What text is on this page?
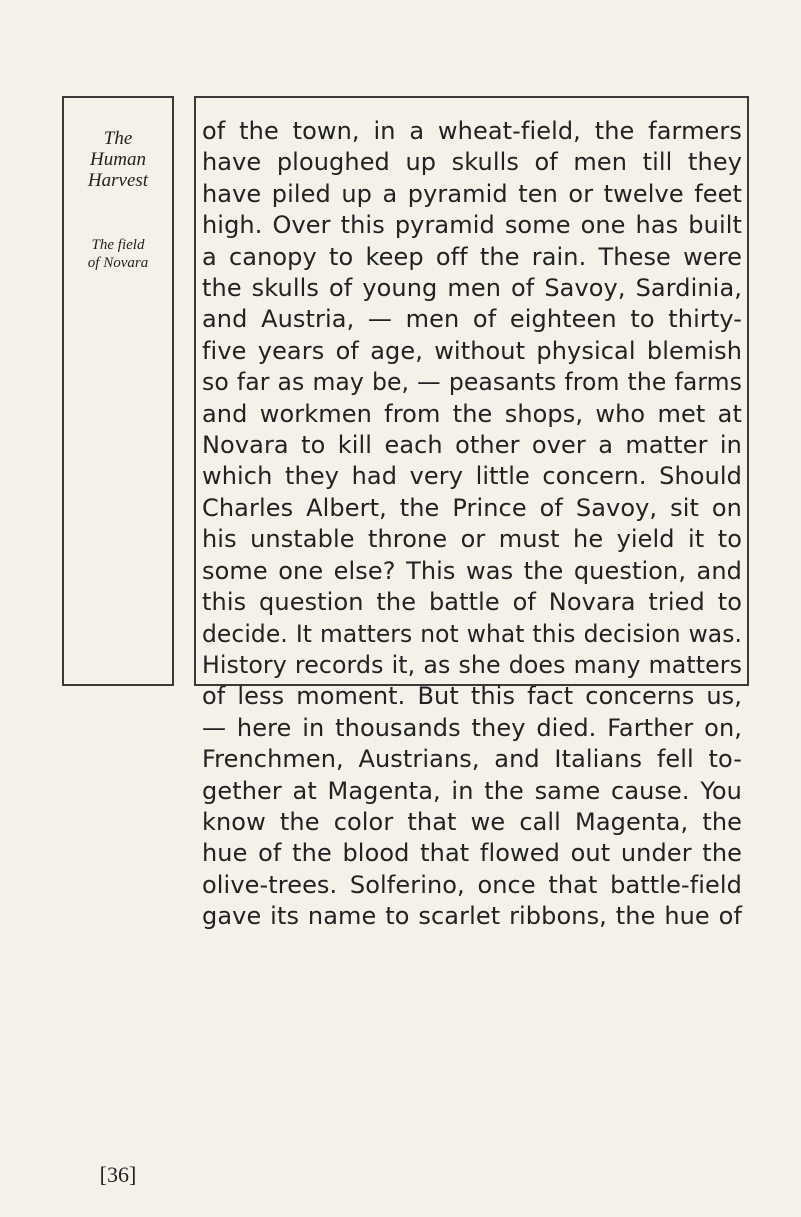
The
Human
Harvest
The field
of Novara
[36]
of the town, in a wheat-field, the farmers
have ploughed up skulls of men till they
have piled up a pyramid ten or twelve feet
high. Over this pyramid some one has built
a canopy to keep off the rain. These were
the skulls of young men of Savoy, Sardinia,
and Austria, — men of eighteen to thirty-
five years of age, without physical blemish
so far as may be, — peasants from the farms
and workmen from the shops, who met at
Novara to kill each other over a matter in
which they had very little concern. Should
Charles Albert, the Prince of Savoy, sit on
his unstable throne or must he yield it to
some one else? This was the question, and
this question the battle of Novara tried to
decide. It matters not what this decision was.
History records it, as she does many matters
of less moment. But this fact concerns us,
— here in thousands they died. Farther on,
Frenchmen, Austrians, and Italians fell to-
gether at Magenta, in the same cause. You
know the color that we call Magenta, the
hue of the blood that flowed out under the
olive-trees. Solferino, once that battle-field
gave its name to scarlet ribbons, the hue of
